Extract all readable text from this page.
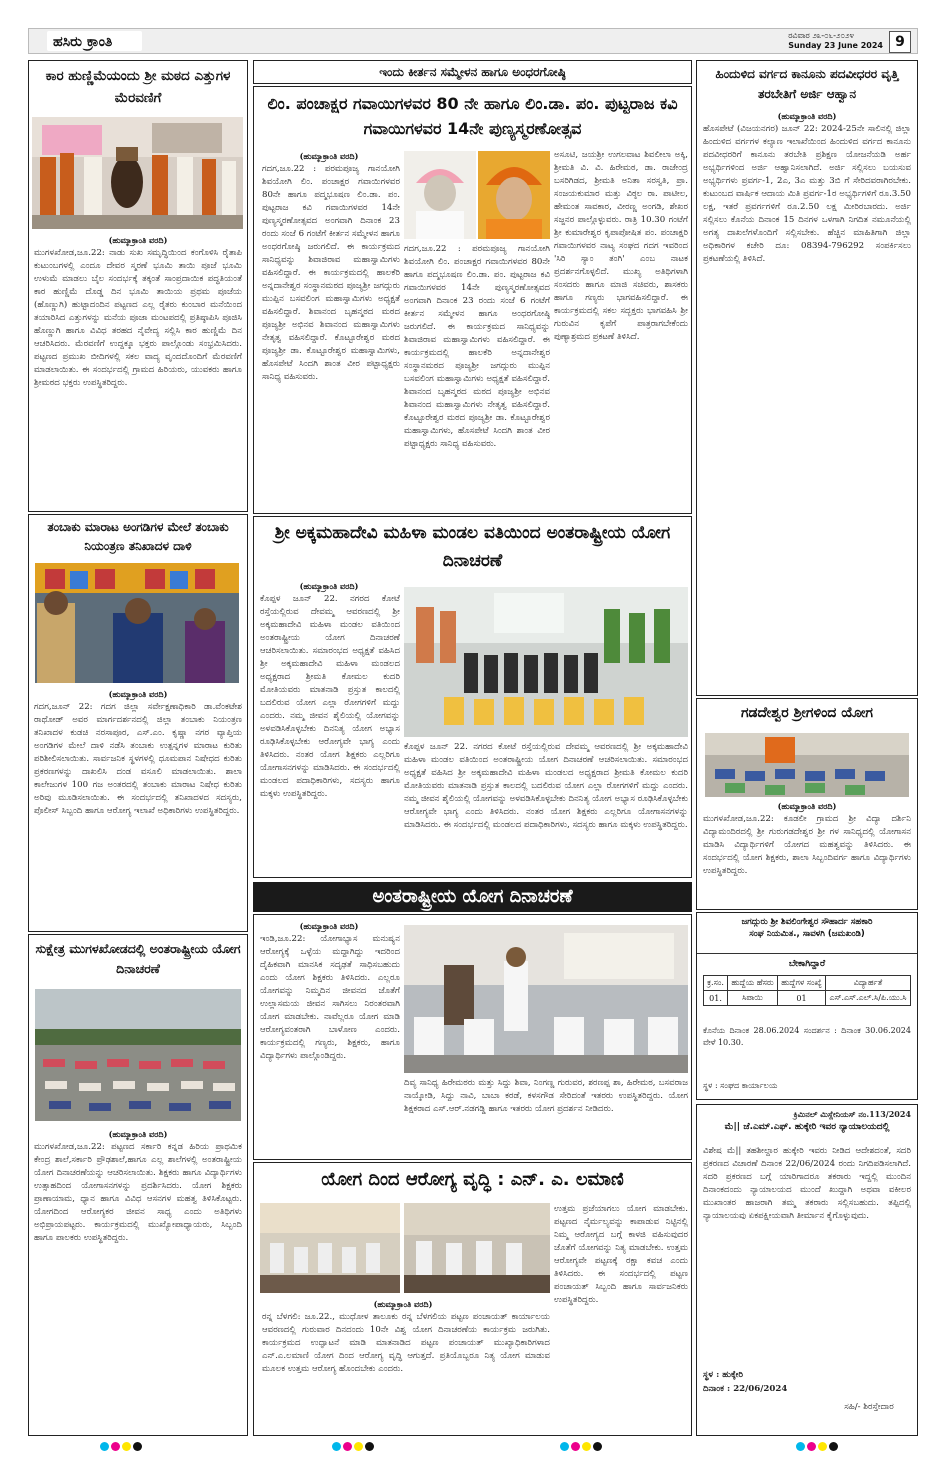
ಹಸಿರು ಕ್ರಾಂತಿ	ರವಿವಾರ ೨೩-೦೬-೨೦೨೪
Sunday 23 June 2024 9
ಕಾರ ಹುಣ್ಣಿಮೆಯಂದು ಶ್ರೀ ಮಠದ ಎತ್ತುಗಳ ಮೆರವಣಿಗೆ
(ಹುಮ್ಕಾಕ್ರಾಂತಿ ವರದಿ)
ಮುಗಳಖೋಡ,ಜೂ.22: ನಾಡು ಸುಖ ಸಮೃದ್ಧಿಯಿಂದ ಕಂಗೊಳಿಸಿ ರೈತಾಪಿ ಕುಟುಂಬಗಳಲ್ಲಿ ಎಂದೂ ದೇವರ ಸ್ಮರಣೆ ಭೂಮಿ ತಾಯಿ ಪೂಜೆ ಭೂಮಿ ಉಳುಮೆ ಮಾಡಲು ಬೈಲ ಸಂದರ್ಭಕ್ಕೆ ತಕ್ಕಂತೆ ಸಾಂಪ್ರದಾಯಿಕ ಪದ್ಧತಿಯಂತೆ ಕಾರ ಹುಣ್ಣಿಮೆ ದೊಡ್ಡ ದಿನ ಭೂಮಿ ತಾಯಿಯ ಪ್ರಥಮ ಪೂಜೆಯ (ಹೊಣ್ಣುಗಿ) ಹುಟ್ಟಾದಂದಿನ ಪಟ್ಟಣದ ಎಲ್ಲ ರೈತರು ಕುಂಬಾರ ಮನೆಯಿಂದ ತಯಾರಿಸಿದ ಎತ್ತುಗಳನ್ನು ಮನೆಯ ಪೂಜಾ ಮಂಟಪದಲ್ಲಿ ಪ್ರತಿಷ್ಠಾಪಿಸಿ ಪೂಜಿಸಿ ಹೊಣ್ಣುಗಿ ಹಾಗೂ ವಿವಿಧ ತರಹದ ನೈವೇದ್ಯ ಸಲ್ಲಿಸಿ ಕಾರ ಹುಣ್ಣಿಮೆ ದಿನ ಆಚರಿಸಿದರು. ಮೆರವಣಿಗೆ ಉದ್ದಕ್ಕೂ ಭಕ್ತರು ಪಾಲ್ಗೊಂಡು ಸಂಭ್ರಮಿಸಿದರು. ಪಟ್ಟಣದ ಪ್ರಮುಖ ಬೀದಿಗಳಲ್ಲಿ ಸಕಲ ವಾದ್ಯ ವೃಂದದೊಂದಿಗೆ ಮೆರವಣಿಗೆ ಮಾಡಲಾಯಿತು. ಈ ಸಂದರ್ಭದಲ್ಲಿ ಗ್ರಾಮದ ಹಿರಿಯರು, ಯುವಕರು ಹಾಗೂ ಶ್ರೀಮಠದ ಭಕ್ತರು ಉಪಸ್ಥಿತರಿದ್ದರು.
ತಂಬಾಕು ಮಾರಾಟ ಅಂಗಡಿಗಳ ಮೇಲೆ ತಂಬಾಕು ನಿಯಂತ್ರಣ ತನಿಖಾದಳ ದಾಳಿ
(ಹುಮ್ಕಾಕ್ರಾಂತಿ ವರದಿ)
ಗದಗ,ಜೂನ್ 22: ಗದಗ ಜಿಲ್ಲಾ ಸರ್ವೇಕ್ಷಣಾಧಿಕಾರಿ ಡಾ.ವೆಂಕಟೇಶ ರಾಥೋಡ್ ಅವರ ಮಾರ್ಗದರ್ಶನದಲ್ಲಿ ಜಿಲ್ಲಾ ತಂಬಾಕು ನಿಯಂತ್ರಣ ತನಿಖಾದಳ ಕುಡಚಿ ನರಸಾಪೂರ, ಎಸ್.ಎಂ. ಕೃಷ್ಣಾ ನಗರ ವ್ಯಾಪ್ತಿಯ ಅಂಗಡಿಗಳ ಮೇಲೆ ದಾಳಿ ನಡೆಸಿ ತಂಬಾಕು ಉತ್ಪನ್ನಗಳ ಮಾರಾಟ ಕುರಿತು ಪರಿಶೀಲಿಸಲಾಯಿತು. ಸಾರ್ವಜನಿಕ ಸ್ಥಳಗಳಲ್ಲಿ ಧೂಮಪಾನ ನಿಷೇಧದ ಕುರಿತು ಪ್ರಕರಣಗಳನ್ನು ದಾಖಲಿಸಿ ದಂಡ ವಸೂಲಿ ಮಾಡಲಾಯಿತು. ಶಾಲಾ ಕಾಲೇಜುಗಳ 100 ಗಜ ಅಂತರದಲ್ಲಿ ತಂಬಾಕು ಮಾರಾಟ ನಿಷೇಧ ಕುರಿತು ಅರಿವು ಮೂಡಿಸಲಾಯಿತು. ಈ ಸಂದರ್ಭದಲ್ಲಿ ತನಿಖಾದಳದ ಸದಸ್ಯರು, ಪೊಲೀಸ್ ಸಿಬ್ಬಂದಿ ಹಾಗೂ ಆರೋಗ್ಯ ಇಲಾಖೆ ಅಧಿಕಾರಿಗಳು ಉಪಸ್ಥಿತರಿದ್ದರು.
ಸುಕ್ಷೇತ್ರ ಮುಗಳಖೋಡದಲ್ಲಿ ಅಂತರಾಷ್ಟ್ರೀಯ ಯೋಗ ದಿನಾಚರಣೆ
(ಹುಮ್ಕಾಕ್ರಾಂತಿ ವರದಿ)
ಮುಗಳಖೋಡ,ಜೂ.22: ಪಟ್ಟಣದ ಸರ್ಕಾರಿ ಕನ್ನಡ ಹಿರಿಯ ಪ್ರಾಥಮಿಕ ಕೇಂದ್ರ ಶಾಲೆ,ಸರ್ಕಾರಿ ಪ್ರೌಢಶಾಲೆ,ಹಾಗೂ ಎಲ್ಲ ಶಾಲೆಗಳಲ್ಲಿ ಅಂತರಾಷ್ಟ್ರೀಯ ಯೋಗ ದಿನಾಚರಣೆಯನ್ನು ಆಚರಿಸಲಾಯಿತು. ಶಿಕ್ಷಕರು ಹಾಗೂ ವಿದ್ಯಾರ್ಥಿಗಳು ಉತ್ಸಾಹದಿಂದ ಯೋಗಾಸನಗಳನ್ನು ಪ್ರದರ್ಶಿಸಿದರು. ಯೋಗ ಶಿಕ್ಷಕರು ಪ್ರಾಣಾಯಾಮ, ಧ್ಯಾನ ಹಾಗೂ ವಿವಿಧ ಆಸನಗಳ ಮಹತ್ವ ತಿಳಿಸಿಕೊಟ್ಟರು. ಯೋಗದಿಂದ ಆರೋಗ್ಯಕರ ಜೀವನ ಸಾಧ್ಯ ಎಂದು ಅತಿಥಿಗಳು ಅಭಿಪ್ರಾಯಪಟ್ಟರು. ಕಾರ್ಯಕ್ರಮದಲ್ಲಿ ಮುಖ್ಯೋಪಾಧ್ಯಾಯರು, ಸಿಬ್ಬಂದಿ ಹಾಗೂ ಪಾಲಕರು ಉಪಸ್ಥಿತರಿದ್ದರು.
ಇಂದು ಕೀರ್ತನ ಸಮ್ಮೇಳನ ಹಾಗೂ ಅಂಧರಗೋಷ್ಠಿ
ಲಿಂ. ಪಂಚಾಕ್ಷರ ಗವಾಯಿಗಳವರ 80 ನೇ ಹಾಗೂ ಲಿಂ.ಡಾ. ಪಂ. ಪುಟ್ಟರಾಜ ಕವಿ ಗವಾಯಿಗಳವರ 14ನೇ ಪುಣ್ಯಸ್ಮರಣೋತ್ಸವ
(ಹುಮ್ಕಾಕ್ರಾಂತಿ ವರದಿ)
ಗದಗ,ಜೂ.22 : ಪರಮಪೂಜ್ಯ ಗಾನಯೋಗಿ ಶಿವಯೋಗಿ ಲಿಂ. ಪಂಚಾಕ್ಷರ ಗವಾಯಿಗಳವರ 80ನೇ ಹಾಗೂ ಪದ್ಮಭೂಷಣ ಲಿಂ.ಡಾ. ಪಂ. ಪುಟ್ಟರಾಜ ಕವಿ ಗವಾಯಿಗಳವರ 14ನೇ ಪುಣ್ಯಸ್ಮರಣೋತ್ಸವದ ಅಂಗವಾಗಿ ದಿನಾಂಕ 23 ರಂದು ಸಂಜೆ 6 ಗಂಟೆಗೆ ಕೀರ್ತನ ಸಮ್ಮೇಳನ ಹಾಗೂ ಅಂಧರಗೋಷ್ಠಿ ಜರುಗಲಿದೆ. ಈ ಕಾರ್ಯಕ್ರಮದ ಸಾನಿಧ್ಯವನ್ನು ಶಿವಾಜಿರಾವ ಮಹಾಸ್ವಾಮಿಗಳು ವಹಿಸಲಿದ್ದಾರೆ. ಈ ಕಾರ್ಯಕ್ರಮದಲ್ಲಿ ಹಾಲಕೆರಿ ಅನ್ನದಾನೇಶ್ವರ ಸಂಸ್ಥಾನಮಠದ ಪೂಜ್ಯಶ್ರೀ ಜಗದ್ಗುರು ಮುಪ್ಪಿನ ಬಸವಲಿಂಗ ಮಹಾಸ್ವಾಮಿಗಳು ಅಧ್ಯಕ್ಷತೆ ವಹಿಸಲಿದ್ದಾರೆ. ಶಿವಾನಂದ ಬೃಹನ್ಮಠದ ಮಠದ ಪೂಜ್ಯಶ್ರೀ ಅಭಿನವ ಶಿವಾನಂದ ಮಹಾಸ್ವಾಮಿಗಳು ನೇತೃತ್ವ ವಹಿಸಲಿದ್ದಾರೆ. ಕೊಟ್ಟೂರೇಶ್ವರ ಮಠದ ಪೂಜ್ಯಶ್ರೀ ಡಾ. ಕೊಟ್ಟೂರೇಶ್ವರ ಮಹಾಸ್ವಾಮಿಗಳು, ಹೊಸಪೇಟೆ ಸಿಂದಗಿ ಶಾಂತ ವೀರ ಪಟ್ಟಾಧ್ಯಕ್ಷರು ಸಾನಿಧ್ಯ ವಹಿಸುವರು.
ಗದಗ,ಜೂ.22 : ಪರಮಪೂಜ್ಯ ಗಾನಯೋಗಿ ಶಿವಯೋಗಿ ಲಿಂ. ಪಂಚಾಕ್ಷರ ಗವಾಯಿಗಳವರ 80ನೇ ಹಾಗೂ ಪದ್ಮಭೂಷಣ ಲಿಂ.ಡಾ. ಪಂ. ಪುಟ್ಟರಾಜ ಕವಿ ಗವಾಯಿಗಳವರ 14ನೇ ಪುಣ್ಯಸ್ಮರಣೋತ್ಸವದ ಅಂಗವಾಗಿ ದಿನಾಂಕ 23 ರಂದು ಸಂಜೆ 6 ಗಂಟೆಗೆ ಕೀರ್ತನ ಸಮ್ಮೇಳನ ಹಾಗೂ ಅಂಧರಗೋಷ್ಠಿ ಜರುಗಲಿದೆ. ಈ ಕಾರ್ಯಕ್ರಮದ ಸಾನಿಧ್ಯವನ್ನು ಶಿವಾಜಿರಾವ ಮಹಾಸ್ವಾಮಿಗಳು ವಹಿಸಲಿದ್ದಾರೆ. ಈ ಕಾರ್ಯಕ್ರಮದಲ್ಲಿ ಹಾಲಕೆರಿ ಅನ್ನದಾನೇಶ್ವರ ಸಂಸ್ಥಾನಮಠದ ಪೂಜ್ಯಶ್ರೀ ಜಗದ್ಗುರು ಮುಪ್ಪಿನ ಬಸವಲಿಂಗ ಮಹಾಸ್ವಾಮಿಗಳು ಅಧ್ಯಕ್ಷತೆ ವಹಿಸಲಿದ್ದಾರೆ. ಶಿವಾನಂದ ಬೃಹನ್ಮಠದ ಮಠದ ಪೂಜ್ಯಶ್ರೀ ಅಭಿನವ ಶಿವಾನಂದ ಮಹಾಸ್ವಾಮಿಗಳು ನೇತೃತ್ವ ವಹಿಸಲಿದ್ದಾರೆ. ಕೊಟ್ಟೂರೇಶ್ವರ ಮಠದ ಪೂಜ್ಯಶ್ರೀ ಡಾ. ಕೊಟ್ಟೂರೇಶ್ವರ ಮಹಾಸ್ವಾಮಿಗಳು, ಹೊಸಪೇಟೆ ಸಿಂದಗಿ ಶಾಂತ ವೀರ ಪಟ್ಟಾಧ್ಯಕ್ಷರು ಸಾನಿಧ್ಯ ವಹಿಸುವರು.
ಅಸೂಟಿ, ಜಯಶ್ರೀ ಉಗಲವಾಟ ಶಿವಲೀಲಾ ಅಕ್ಕಿ, ಶ್ರೀಮತಿ ವಿ. ವಿ. ಹಿರೇಮಠ, ಡಾ. ರಾಜೇಂದ್ರ ಬಸರಿಗಿಡದ, ಶ್ರೀಮತಿ ಅನಿತಾ ಸರಸ್ವತಿ, ಪ್ರಾ. ಸಂಜಯಕುಮಾರ ಮತ್ತು ವಿಠ್ಠಲ ರಾ. ಪಾಟೀಲ, ಹೇಮಂತ ಸಾವಕಾರ, ವೀರಣ್ಣ ಅಂಗಡಿ, ಶೇಖರ ಸಜ್ಜನರ ಪಾಲ್ಗೊಳ್ಳುವರು. ರಾತ್ರಿ 10.30 ಗಂಟೆಗೆ ಶ್ರೀ ಕುಮಾರೇಶ್ವರ ಕೃಪಾಪೋಷಿತ ಪಂ. ಪಂಚಾಕ್ಷರಿ ಗವಾಯಿಗಳವರ ನಾಟ್ಯ ಸಂಘದ ಗದಗ ಇವರಿಂದ 'ಸಿರಿ ಸ್ಯಾಂ ತಂಗಿ' ಎಂಬ ನಾಟಕ ಪ್ರದರ್ಶನಗೊಳ್ಳಲಿದೆ. ಮುಖ್ಯ ಅತಿಥಿಗಳಾಗಿ ಸಂಸದರು ಹಾಗೂ ಮಾಜಿ ಸಚಿವರು, ಶಾಸಕರು ಹಾಗೂ ಗಣ್ಯರು ಭಾಗವಹಿಸಲಿದ್ದಾರೆ. ಈ ಕಾರ್ಯಕ್ರಮದಲ್ಲಿ ಸಕಲ ಸದ್ಭಕ್ತರು ಭಾಗವಹಿಸಿ ಶ್ರೀ ಗುರುವಿನ ಕೃಪೆಗೆ ಪಾತ್ರರಾಗಬೇಕೆಂದು ಪುಣ್ಯಾಶ್ರಮದ ಪ್ರಕಟಣೆ ತಿಳಿಸಿದೆ.
ಶ್ರೀ ಅಕ್ಕಮಹಾದೇವಿ ಮಹಿಳಾ ಮಂಡಲ ವತಿಯಿಂದ ಅಂತರಾಷ್ಟ್ರೀಯ ಯೋಗ ದಿನಾಚರಣೆ
(ಹುಮ್ಕಾಕ್ರಾಂತಿ ವರದಿ)
ಕೊಪ್ಪಳ ಜೂನ್ 22. ನಗರದ ಕೋಟೆ ರಸ್ತೆಯಲ್ಲಿರುವ ದೇವಮ್ಮ ಆವರಣದಲ್ಲಿ ಶ್ರೀ ಅಕ್ಕಮಹಾದೇವಿ ಮಹಿಳಾ ಮಂಡಲ ವತಿಯಿಂದ ಅಂತರಾಷ್ಟ್ರೀಯ ಯೋಗ ದಿನಾಚರಣೆ ಆಚರಿಸಲಾಯಿತು. ಸಮಾರಂಭದ ಅಧ್ಯಕ್ಷತೆ ವಹಿಸಿದ ಶ್ರೀ ಅಕ್ಕಮಹಾದೇವಿ ಮಹಿಳಾ ಮಂಡಲದ ಅಧ್ಯಕ್ಷರಾದ ಶ್ರೀಮತಿ ಕೋಮಲ ಕುದರಿ ಮೋತಿಯವರು ಮಾತನಾಡಿ ಪ್ರಸ್ತುತ ಕಾಲದಲ್ಲಿ ಬದಲಿರುವ ಯೋಗ ಎಲ್ಲಾ ರೋಗಗಳಿಗೆ ಮದ್ದು ಎಂದರು. ನಮ್ಮ ಜೀವನ ಶೈಲಿಯಲ್ಲಿ ಯೋಗವನ್ನು ಅಳವಡಿಸಿಕೊಳ್ಳಬೇಕು ದಿನನಿತ್ಯ ಯೋಗ ಅಭ್ಯಾಸ ರೂಢಿಸಿಕೊಳ್ಳಬೇಕು ಆರೋಗ್ಯವೇ ಭಾಗ್ಯ ಎಂದು ತಿಳಿಸಿದರು. ನಂತರ ಯೋಗ ಶಿಕ್ಷಕರು ಎಲ್ಲರಿಗೂ ಯೋಗಾಸನಗಳನ್ನು ಮಾಡಿಸಿದರು. ಈ ಸಂದರ್ಭದಲ್ಲಿ ಮಂಡಲದ ಪದಾಧಿಕಾರಿಗಳು, ಸದಸ್ಯರು ಹಾಗೂ ಮಕ್ಕಳು ಉಪಸ್ಥಿತರಿದ್ದರು.
ಕೊಪ್ಪಳ ಜೂನ್ 22. ನಗರದ ಕೋಟೆ ರಸ್ತೆಯಲ್ಲಿರುವ ದೇವಮ್ಮ ಆವರಣದಲ್ಲಿ ಶ್ರೀ ಅಕ್ಕಮಹಾದೇವಿ ಮಹಿಳಾ ಮಂಡಲ ವತಿಯಿಂದ ಅಂತರಾಷ್ಟ್ರೀಯ ಯೋಗ ದಿನಾಚರಣೆ ಆಚರಿಸಲಾಯಿತು. ಸಮಾರಂಭದ ಅಧ್ಯಕ್ಷತೆ ವಹಿಸಿದ ಶ್ರೀ ಅಕ್ಕಮಹಾದೇವಿ ಮಹಿಳಾ ಮಂಡಲದ ಅಧ್ಯಕ್ಷರಾದ ಶ್ರೀಮತಿ ಕೋಮಲ ಕುದರಿ ಮೋತಿಯವರು ಮಾತನಾಡಿ ಪ್ರಸ್ತುತ ಕಾಲದಲ್ಲಿ ಬದಲಿರುವ ಯೋಗ ಎಲ್ಲಾ ರೋಗಗಳಿಗೆ ಮದ್ದು ಎಂದರು. ನಮ್ಮ ಜೀವನ ಶೈಲಿಯಲ್ಲಿ ಯೋಗವನ್ನು ಅಳವಡಿಸಿಕೊಳ್ಳಬೇಕು ದಿನನಿತ್ಯ ಯೋಗ ಅಭ್ಯಾಸ ರೂಢಿಸಿಕೊಳ್ಳಬೇಕು ಆರೋಗ್ಯವೇ ಭಾಗ್ಯ ಎಂದು ತಿಳಿಸಿದರು. ನಂತರ ಯೋಗ ಶಿಕ್ಷಕರು ಎಲ್ಲರಿಗೂ ಯೋಗಾಸನಗಳನ್ನು ಮಾಡಿಸಿದರು. ಈ ಸಂದರ್ಭದಲ್ಲಿ ಮಂಡಲದ ಪದಾಧಿಕಾರಿಗಳು, ಸದಸ್ಯರು ಹಾಗೂ ಮಕ್ಕಳು ಉಪಸ್ಥಿತರಿದ್ದರು.
ಅಂತರಾಷ್ಟ್ರೀಯ ಯೋಗ ದಿನಾಚರಣೆ
(ಹುಮ್ಕಾಕ್ರಾಂತಿ ವರದಿ)
ಇಂಡಿ,ಜೂ.22: ಯೋಗಾಭ್ಯಾಸ ಮನುಷ್ಯನ ಆರೋಗ್ಯಕ್ಕೆ ಒಳ್ಳೆಯ ಮದ್ದಾಗಿದ್ದು ಇದರಿಂದ ದೈಹಿಕವಾಗಿ ಮಾನಸಿಕ ಸದೃಢತೆ ಸಾಧಿಸಬಹುದು ಎಂದು ಯೋಗ ಶಿಕ್ಷಕರು ತಿಳಿಸಿದರು. ಎಲ್ಲರೂ ಯೋಗವನ್ನು ನಿಮ್ಮದಿನ ಜೀವನದ ಜೊತೆಗೆ ಉಲ್ಲಾಸಮಯ ಜೀವನ ಸಾಗಿಸಲು ನಿರಂತರವಾಗಿ ಯೋಗ ಮಾಡಬೇಕು. ನಾವೆಲ್ಲರೂ ಯೋಗ ಮಾಡಿ ಆರೋಗ್ಯವಂತರಾಗಿ ಬಾಳೋಣ ಎಂದರು. ಕಾರ್ಯಕ್ರಮದಲ್ಲಿ ಗಣ್ಯರು, ಶಿಕ್ಷಕರು, ಹಾಗೂ ವಿದ್ಯಾರ್ಥಿಗಳು ಪಾಲ್ಗೊಂಡಿದ್ದರು.
ದಿವ್ಯ ಸಾನಿಧ್ಯ ಹಿರೇಮಠರು ಮತ್ತು ಸಿದ್ದು ಶಿವಾ, ನಿಂಗಣ್ಣ ಗುರುವರ, ಶರಣಪ್ಪ ಶಾ, ಹಿರೇಮಠ, ಬಸವರಾಜ ನಾಯ್ಕೋಡಿ, ಸಿದ್ದು ನಾವಿ, ಬಾಬಾ ಕರಡೆ, ಕಳಸಗೌಡ ಸೇರಿದಂತೆ ಇತರರು ಉಪಸ್ಥಿತರಿದ್ದರು. ಯೋಗ ಶಿಕ್ಷಕರಾದ ಎಸ್.ಆರ್.ನಡಗಡ್ಡಿ ಹಾಗೂ ಇತರರು ಯೋಗ ಪ್ರದರ್ಶನ ನೀಡಿದರು.
ಯೋಗ ದಿಂದ ಆರೋಗ್ಯ ವೃದ್ಧಿ : ಎನ್. ಎ. ಲಮಾಣಿ
(ಹುಮ್ಕಾಕ್ರಾಂತಿ ವರದಿ)
ರನ್ನ ಬೆಳಗಲಿ: ಜೂ.22., ಮುಧೋಳ ತಾಲೂಕು ರನ್ನ ಬೆಳಗಲಿಯ ಪಟ್ಟಣ ಪಂಚಾಯತ್ ಕಾರ್ಯಾಲಯ ಆವರಣದಲ್ಲಿ ಗುರುವಾರ ದಿನದಂದು 10ನೇ ವಿಶ್ವ ಯೋಗ ದಿನಾಚರಣೆಯ ಕಾರ್ಯಕ್ರಮ ಜರುಗಿತು. ಕಾರ್ಯಕ್ರಮದ ಉದ್ಘಾಟನೆ ಮಾಡಿ ಮಾತನಾಡಿದ ಪಟ್ಟಣ ಪಂಚಾಯತ್ ಮುಖ್ಯಾಧಿಕಾರಿಗಳಾದ ಎನ್.ಎ.ಲಮಾಣಿ ಯೋಗ ದಿಂದ ಆರೋಗ್ಯ ವೃದ್ಧಿ ಆಗುತ್ತದೆ. ಪ್ರತಿಯೊಬ್ಬರೂ ನಿತ್ಯ ಯೋಗ ಮಾಡುವ ಮೂಲಕ ಉತ್ತಮ ಆರೋಗ್ಯ ಹೊಂದಬೇಕು ಎಂದರು.
ಉತ್ತಮ ಪ್ರಜೆಯಾಗಲು ಯೋಗ ಮಾಡಬೇಕು. ಪಟ್ಟಣದ ನೈರ್ಮಲ್ಯವನ್ನು ಕಾಪಾಡುವ ನಿಟ್ಟಿನಲ್ಲಿ ನಿಮ್ಮ ಆರೋಗ್ಯದ ಬಗ್ಗೆ ಕಾಳಜಿ ವಹಿಸುವುದರ ಜೊತೆಗೆ ಯೋಗವನ್ನು ನಿತ್ಯ ಮಾಡಬೇಕು. ಉತ್ತಮ ಆರೋಗ್ಯವೇ ಪಟ್ಟಣಕ್ಕೆ ರಕ್ಷಾ ಕವಚ ಎಂದು ತಿಳಿಸಿದರು. ಈ ಸಂದರ್ಭದಲ್ಲಿ ಪಟ್ಟಣ ಪಂಚಾಯತ್ ಸಿಬ್ಬಂದಿ ಹಾಗೂ ಸಾರ್ವಜನಿಕರು ಉಪಸ್ಥಿತರಿದ್ದರು.
ಹಿಂದುಳಿದ ವರ್ಗದ ಕಾನೂನು ಪದವೀಧರರ ವೃತ್ತಿ ತರಬೇತಿಗೆ ಅರ್ಜಿ ಆಹ್ವಾನ
(ಹುಮ್ಕಾಕ್ರಾಂತಿ ವರದಿ)
ಹೊಸಪೇಟೆ (ವಿಜಯನಗರ) ಜೂನ್ 22: 2024-25ನೇ ಸಾಲಿನಲ್ಲಿ ಜಿಲ್ಲಾ ಹಿಂದುಳಿದ ವರ್ಗಗಳ ಕಲ್ಯಾಣ ಇಲಾಖೆಯಿಂದ ಹಿಂದುಳಿದ ವರ್ಗದ ಕಾನೂನು ಪದವೀಧರರಿಗೆ ಕಾನೂನು ತರಬೇತಿ ಪ್ರಶಿಕ್ಷಣ ಯೋಜನೆಯಡಿ ಅರ್ಹ ಅಭ್ಯರ್ಥಿಗಳಿಂದ ಅರ್ಜಿ ಆಹ್ವಾನಿಸಲಾಗಿದೆ. ಅರ್ಜಿ ಸಲ್ಲಿಸಲು ಬಯಸುವ ಅಭ್ಯರ್ಥಿಗಳು ಪ್ರವರ್ಗ-1, 2ಎ, 3ಎ ಮತ್ತು 3ಬಿ ಗೆ ಸೇರಿದವರಾಗಿರಬೇಕು. ಕುಟುಂಬದ ವಾರ್ಷಿಕ ಆದಾಯ ಮಿತಿ ಪ್ರವರ್ಗ-1ರ ಅಭ್ಯರ್ಥಿಗಳಿಗೆ ರೂ.3.50 ಲಕ್ಷ, ಇತರೆ ಪ್ರವರ್ಗಗಳಿಗೆ ರೂ.2.50 ಲಕ್ಷ ಮೀರಿರಬಾರದು. ಅರ್ಜಿ ಸಲ್ಲಿಸಲು ಕೊನೆಯ ದಿನಾಂಕ 15 ದಿನಗಳ ಒಳಗಾಗಿ ನಿಗದಿತ ನಮೂನೆಯಲ್ಲಿ ಅಗತ್ಯ ದಾಖಲೆಗಳೊಂದಿಗೆ ಸಲ್ಲಿಸಬೇಕು. ಹೆಚ್ಚಿನ ಮಾಹಿತಿಗಾಗಿ ಜಿಲ್ಲಾ ಅಧಿಕಾರಿಗಳ ಕಚೇರಿ ದೂ: 08394-796292 ಸಂಪರ್ಕಿಸಲು ಪ್ರಕಟಣೆಯಲ್ಲಿ ತಿಳಿಸಿದೆ.
ಗಡದೇಶ್ವರ ಶ್ರೀಗಳಿಂದ ಯೋಗ
(ಹುಮ್ಕಾಕ್ರಾಂತಿ ವರದಿ)
ಮುಗಳಖೋಡ,ಜೂ.22: ಕೂಡಲೀ ಗ್ರಾಮದ ಶ್ರೀ ವಿದ್ಯಾ ದರ್ಶಿನಿ ವಿದ್ಯಾಮಂದಿರದಲ್ಲಿ ಶ್ರೀ ಗುರುಗಡದೇಶ್ವರ ಶ್ರೀ ಗಳ ಸಾನಿಧ್ಯದಲ್ಲಿ ಯೋಗಾಸನ ಮಾಡಿಸಿ ವಿದ್ಯಾರ್ಥಿಗಳಿಗೆ ಯೋಗದ ಮಹತ್ವವನ್ನು ತಿಳಿಸಿದರು. ಈ ಸಂದರ್ಭದಲ್ಲಿ ಯೋಗ ಶಿಕ್ಷಕರು, ಶಾಲಾ ಸಿಬ್ಬಂದಿವರ್ಗ ಹಾಗೂ ವಿದ್ಯಾರ್ಥಿಗಳು ಉಪಸ್ಥಿತರಿದ್ದರು.
ಜಗದ್ಗುರು ಶ್ರೀ ಶಿವಲಿಂಗೇಶ್ವರ ಸೌಹಾರ್ದ ಸಹಕಾರಿ
ಸಂಘ ನಿಯಮಿತ., ಸಾವಳಗಿ (ಜಮಖಂಡಿ)
ಬೇಕಾಗಿದ್ದಾರೆ
ಕ್ರ.ಸಂ.	ಹುದ್ದೆಯ ಹೆಸರು	ಹುದ್ದೆಗಳ ಸಂಖ್ಯೆ	ವಿದ್ಯಾರ್ಹತೆ
01.	ಸಿಪಾಯಿ	01	ಎಸ್.ಎಸ್.ಎಲ್.ಸಿ/ಪಿ.ಯು.ಸಿ
ಕೊನೆಯ ದಿನಾಂಕ 28.06.2024 ಸಂದರ್ಶನ : ದಿನಾಂಕ 30.06.2024 ವೇಳೆ 10.30.
ಸ್ಥಳ : ಸಂಘದ ಕಾರ್ಯಾಲಯ
ಕ್ರಿಮಿನಲ್ ಮಿಸ್ಲೇನಿಯಸ್ ನಂ.113/2024
ಮೆ|| ಜೆ.ಎಮ್.ಎಫ್. ಹುಕ್ಕೇರಿ ಇವರ ನ್ಯಾಯಾಲಯದಲ್ಲಿ
ವಿಶೇಷ ಮೆ|| ತಹಶೀಲ್ದಾರ ಹುಕ್ಕೇರಿ ಇವರು ನೀಡಿದ ಆದೇಶದಂತೆ, ಸದರಿ ಪ್ರಕರಣದ ವಿಚಾರಣೆ ದಿನಾಂಕ 22/06/2024 ರಂದು ನಿಗದಿಪಡಿಸಲಾಗಿದೆ. ಸದರಿ ಪ್ರಕರಣದ ಬಗ್ಗೆ ಯಾರಿಗಾದರೂ ತಕರಾರು ಇದ್ದಲ್ಲಿ ಮುಂದಿನ ದಿನಾಂಕದಂದು ನ್ಯಾಯಾಲಯದ ಮುಂದೆ ಖುದ್ದಾಗಿ ಅಥವಾ ವಕೀಲರ ಮುಖಾಂತರ ಹಾಜರಾಗಿ ತಮ್ಮ ತಕರಾರು ಸಲ್ಲಿಸಬಹುದು. ತಪ್ಪಿದಲ್ಲಿ ನ್ಯಾಯಾಲಯವು ಏಕಪಕ್ಷೀಯವಾಗಿ ತೀರ್ಮಾನ ಕೈಗೊಳ್ಳುವುದು.
ಸ್ಥಳ : ಹುಕ್ಕೇರಿ
ದಿನಾಂಕ : 22/06/2024
ಸಹಿ/- ಶಿರಸ್ತೇದಾರ
